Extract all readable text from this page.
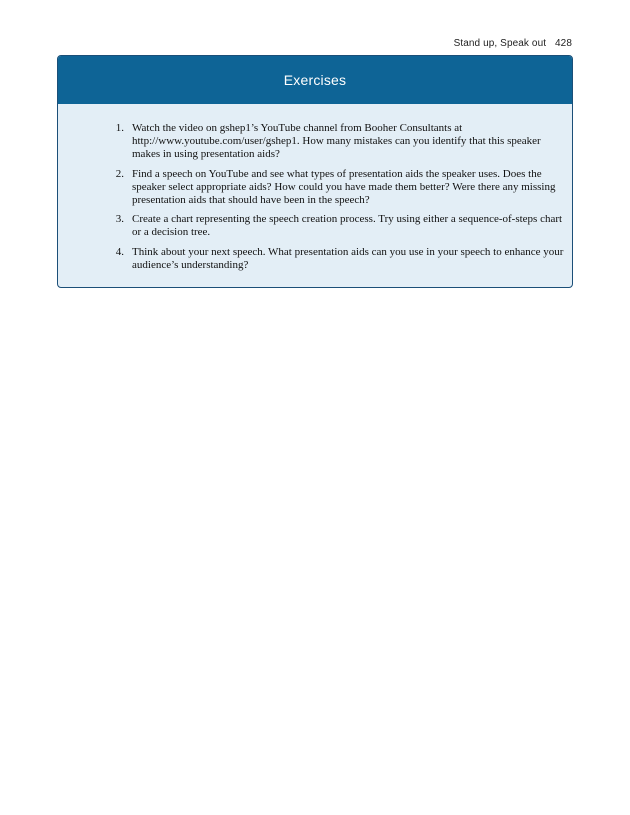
Stand up, Speak out 428
Exercises
1. Watch the video on gshep1’s YouTube channel from Booher Consultants at http://www.youtube.com/user/gshep1. How many mistakes can you identify that this speaker makes in using presentation aids?
2. Find a speech on YouTube and see what types of presentation aids the speaker uses. Does the speaker select appropriate aids? How could you have made them better? Were there any missing presentation aids that should have been in the speech?
3. Create a chart representing the speech creation process. Try using either a sequence-of-steps chart or a decision tree.
4. Think about your next speech. What presentation aids can you use in your speech to enhance your audience’s understanding?
